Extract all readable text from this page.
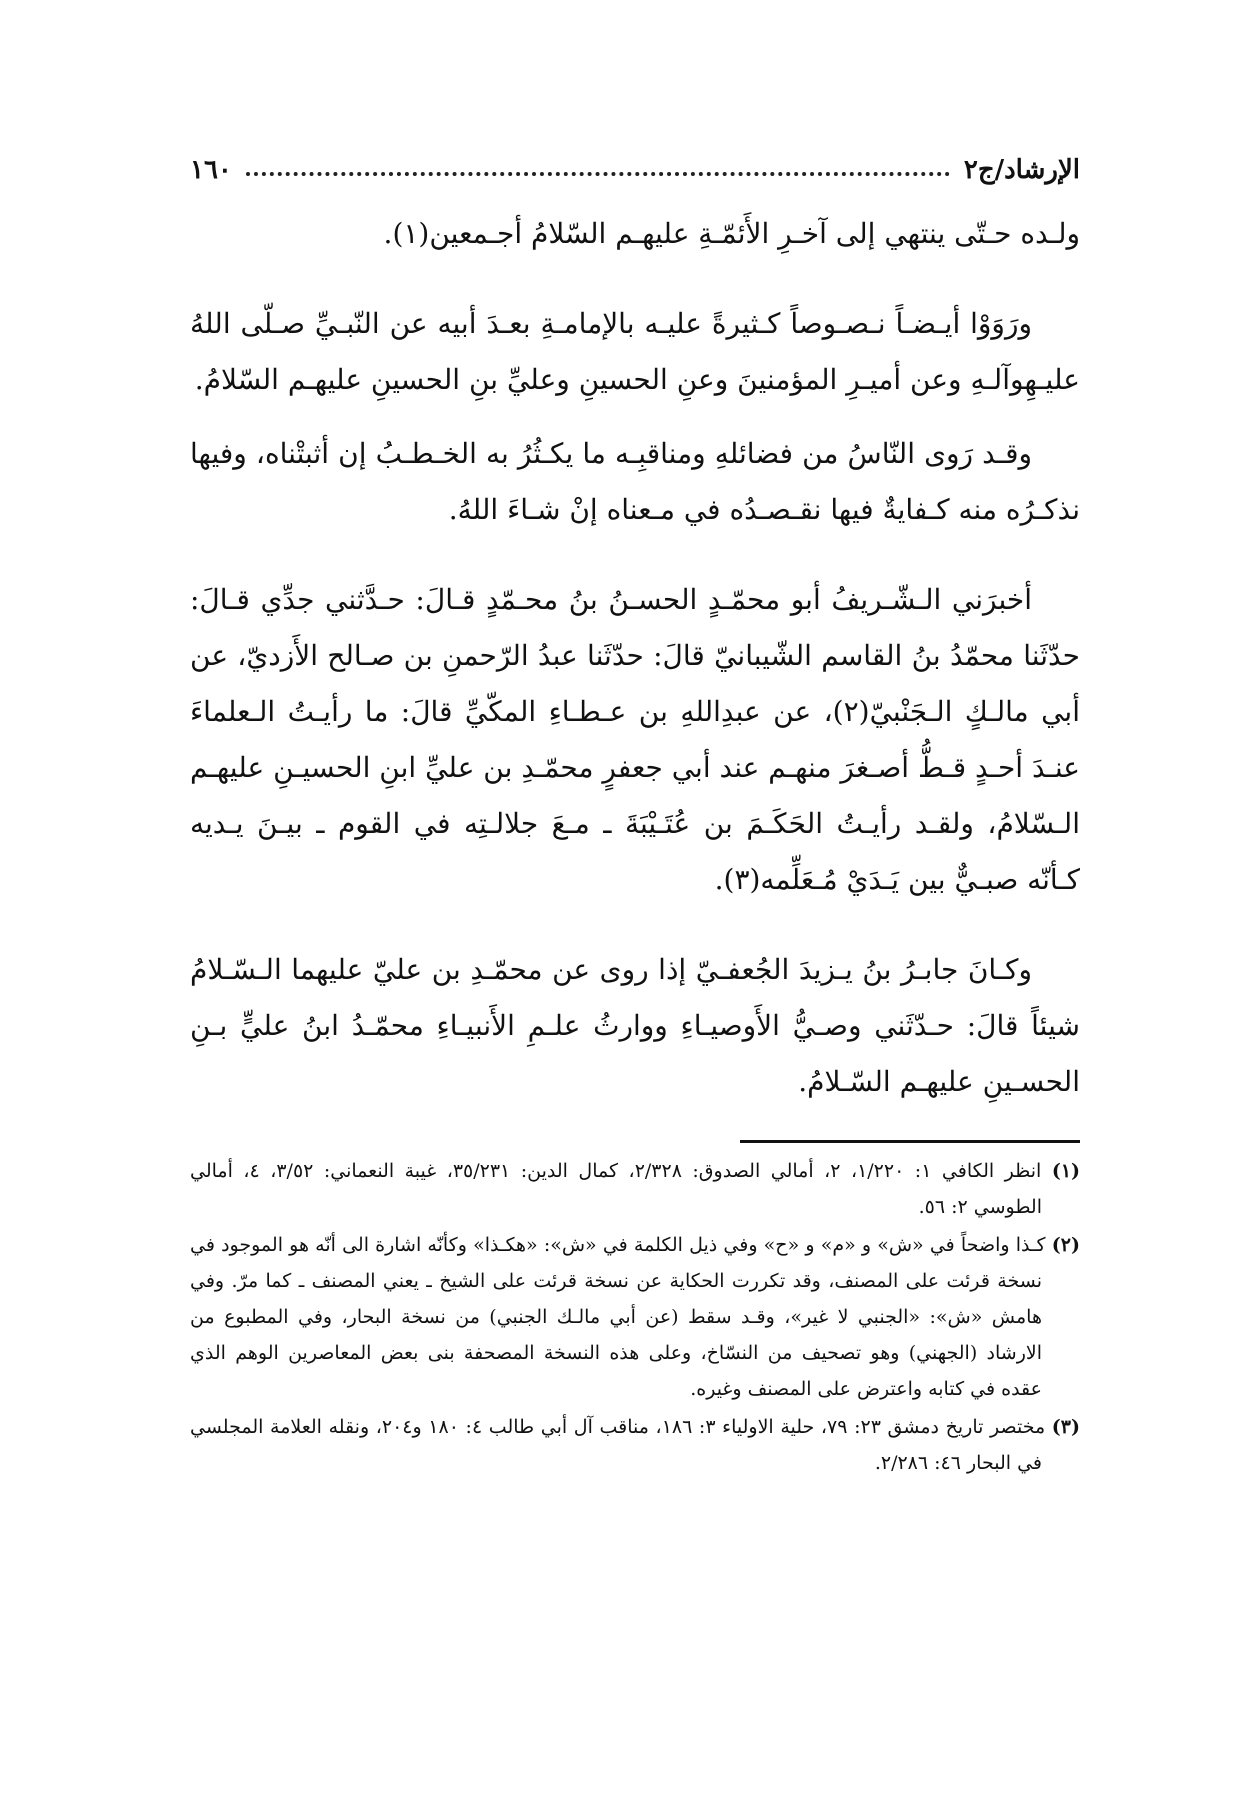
الإرشاد/ج٢
١٦٠

ولـده حـتّى ينتهي إلى آخـرِ الأَئمّـةِ عليهـم السّلامُ أجـمعين(١).

ورَوَوْا أيـضـاً نـصـوصاً كـثيرةً عليـه بالإمامـةِ بعـدَ أبيه عن النّبـيِّ صـلّى اللهُ عليـهِوآلـهِ وعن أميـرِ المؤمنينَ وعنِ الحسينِ وعليِّ بنِ الحسينِ عليهـم السّلامُ.

وقـد رَوى النّاسُ من فضائلهِ ومناقبِـه ما يكـثُرُ به الخـطـبُ إن أثبتْناه، وفيها نذكـرُه منه كـفايةٌ فيها نقـصـدُه في مـعناه إنْ شـاءَ اللهُ.

أخبرَني الـشّـريفُ أبو محمّـدٍ الحسـنُ بنُ محـمّدٍ قـالَ: حـدَّثني جدِّي قـالَ: حدّثَنا محمّدُ بنُ القاسم الشّيبانيّ قالَ: حدّثَنا عبدُ الرّحمنِ بن صـالح الأَزديّ، عن أبي مالـكٍ الـجَنْبيّ(٢)، عن عبدِاللهِ بن عـطـاءِ المكّيِّ قالَ: ما رأيـتُ الـعلماءَ عنـدَ أحـدٍ قـطُّ أصـغرَ منهـم عند أبي جعفرٍ محمّـدِ بن عليِّ ابنِ الحسيـنِ عليهـم الـسّلامُ، ولقـد رأيـتُ الحَكَـمَ بن عُتَـيْبَةَ ـ مـعَ جلالـتِه في القوم ـ بيـنَ يـديه كـأنّه صبـيٌّ بين يَـدَيْ مُـعَلِّمه(٣).

وكـانَ جابـرُ بنُ يـزيدَ الجُعفـيّ إذا روى عن محمّـدِ بن عليّ عليهما الـسّـلامُ شيئاً قالَ: حـدّثَني وصـيُّ الأَوصيـاءِ ووارثُ علـمِ الأَنبيـاءِ محمّـدُ ابنُ عليٍّ بـنِ الحسـينِ عليهـم السّـلامُ.

(١) انظر الكافي ١: ١/٢٢٠، ٢، أمالي الصدوق: ٢/٣٢٨، كمال الدين: ٣٥/٢٣١، غيبة النعماني: ٣/٥٢، ٤، أمالي الطوسي ٢: ٥٦.

(٢) كـذا واضحاً في «ش» و «م» و «ح» وفي ذيل الكلمة في «ش»: «هكـذا» وكأنّه اشارة الى أنّه هو الموجود في نسخة قرئت على المصنف، وقد تكررت الحكاية عن نسخة قرئت على الشيخ ـ يعني المصنف ـ كما مرّ. وفي هامش «ش»: «الجنبي لا غير»، وقـد سقط (عن أبي مالـك الجنبي) من نسخة البحار، وفي المطبوع من الارشاد (الجهني) وهو تصحيف من النسّاخ، وعلى هذه النسخة المصحفة بنى بعض المعاصرين الوهم الذي عقده في كتابه واعترض على المصنف وغيره.

(٣) مختصر تاريخ دمشق ٢٣: ٧٩، حلية الاولياء ٣: ١٨٦، مناقب آل أبي طالب ٤: ١٨٠ و٢٠٤، ونقله العلامة المجلسي في البحار ٤٦: ٢/٢٨٦.
